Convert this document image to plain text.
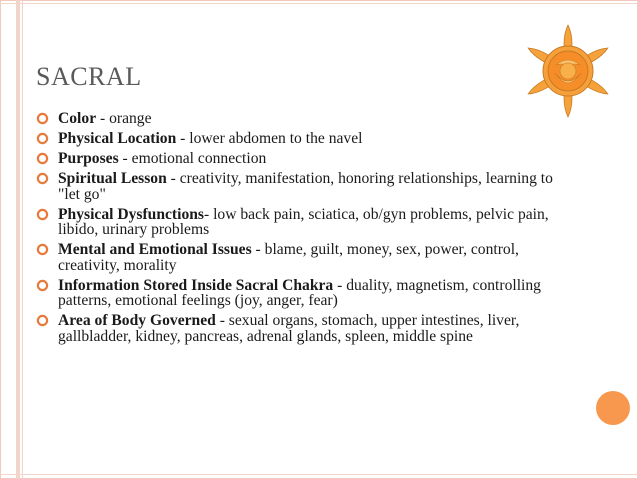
SACRAL
Color - orange
Physical Location - lower abdomen to the navel
Purposes - emotional connection
Spiritual Lesson - creativity, manifestation, honoring relationships, learning to "let go"
Physical Dysfunctions- low back pain, sciatica, ob/gyn problems, pelvic pain, libido, urinary problems
Mental and Emotional Issues - blame, guilt, money, sex, power, control, creativity, morality
Information Stored Inside Sacral Chakra - duality, magnetism, controlling patterns, emotional feelings (joy, anger, fear)
Area of Body Governed - sexual organs, stomach, upper intestines, liver, gallbladder, kidney, pancreas, adrenal glands, spleen, middle spine
